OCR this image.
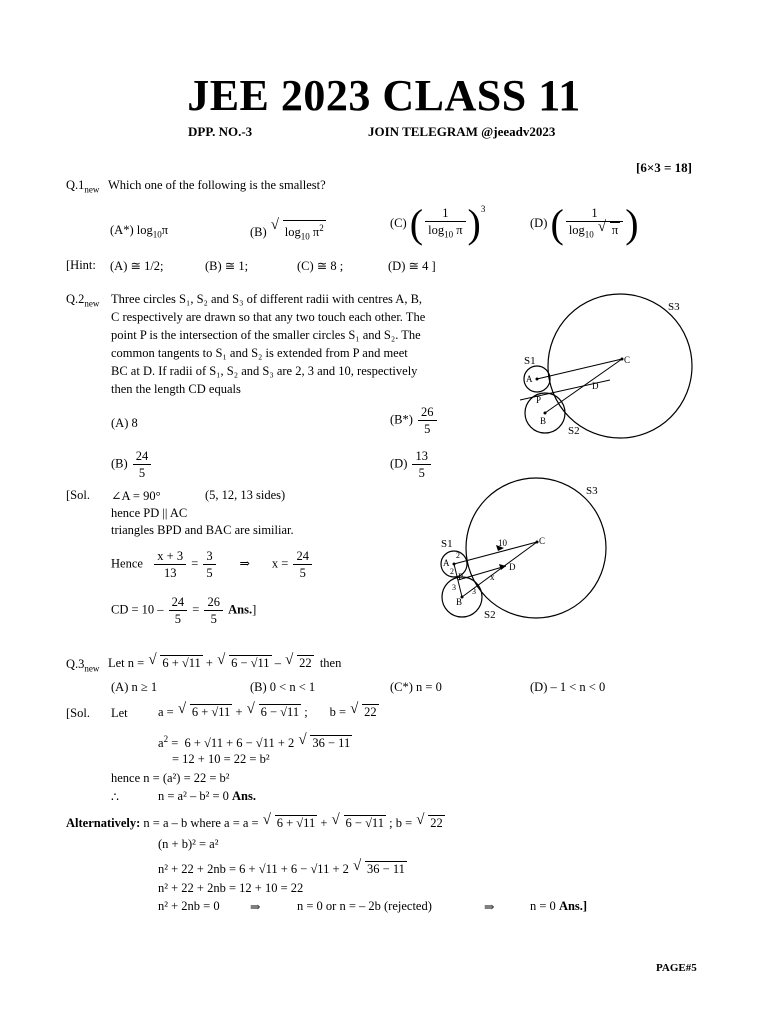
JEE 2023 CLASS 11
DPP. NO.-3	JOIN TELEGRAM @jeeadv2023
[6×3 = 18]
$Q.1_{new}$ Which one of the following is the smallest?
(A*) $\log_{10}\pi$	(B) √ $\log_{10} \pi^2$	(C) ( $\frac{1}{\log_{10} \pi} )^3$
(D) ( $\frac{1}{\log_{10} √ \pi}$ )
[Hint: (A) ≅ 1/2;	(B) ≅ 1;	(C) ≅ 8 ;	(D) ≅ 4 ]
$Q.2_{new}$ Three circles S₁, S₂ and S₃ of different radii with centres A, B,
C respectively are drawn so that any two touch each other. The
point P is the intersection of the smaller circles S₁ and S₂. The
common tangents to S₁ and S₂ is extended from P and meet
BC at D. If radii of S₁, S₂ and S₃ are 2, 3 and 10, respectively
then the length CD equals
(A) 8	$(B*) \frac{26}{5}$
$(B) \frac{24}{5}$	$(D) \frac{13}{5}$
S3
S1
S2
A
B
C
D
P
[Sol. ∠A = 90°	(5, 12, 13 sides)
hence PD || AC
triangles BPD and BAC are similiar.
Hence $\frac{x + 3}{13} = \frac{3}{5}$ ⇒ $x = \frac{24}{5}$
CD = $10 - \frac{24}{5} = \frac{26}{5} Ans$.]
S1
S3
S2
A
B
C
D
P
10
2
2
3 3
x
$Q.3_{new}$ Let n = √ 6 + √11 + √ 6 − √11 – √ 22 then
(A) n ≥ 1	(B) 0 < n < 1	(C*) n = 0	(D) – 1 < n < 0
[Sol. Let a = √ 6 + √11 + √ 6 − √11 ;       b = √ 22
$a^2 = 6 + √11 + 6 - √11 + 2$ √ 36 − 11
= 12 + 10 = 22 = b²
hence n = (a²) = 22 = b²
∴	n = a² – b² = 0 Ans.
Alternatively: n = a – b where a = a = √ 6 + √11 + √ 6 − √11 ; b = √ 22
(n + b)² = a²
n² + 22 + 2nb = 6 + √11 + 6 − √11 + 2 √ 36 − 11
n² + 22 + 2nb = 12 + 10 = 22
n² + 2nb = 0 ⇒	n = 0 or n = – 2b (rejected)	⇒	n = 0 Ans.]
PAGE#5
